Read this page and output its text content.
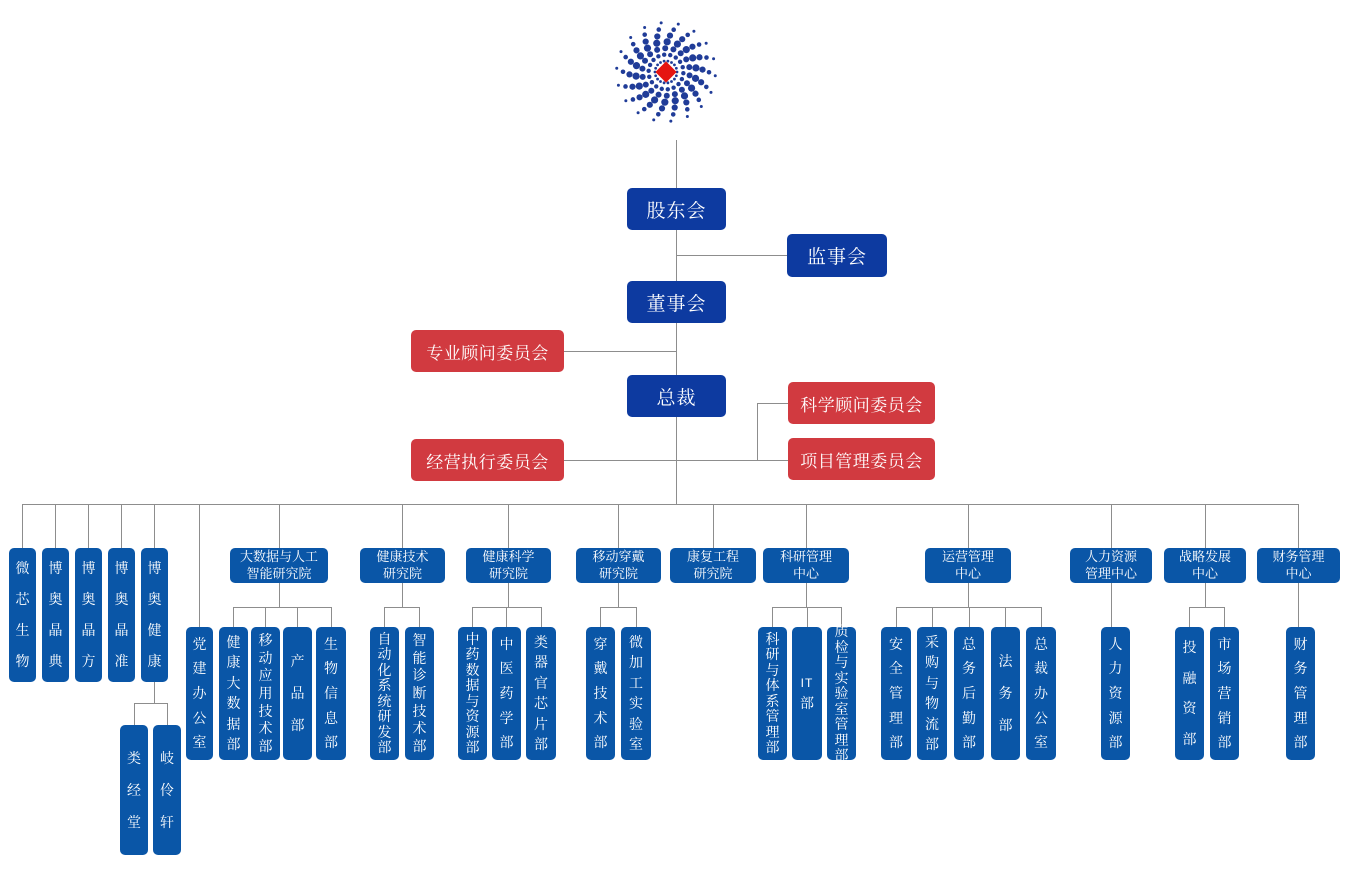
股东会
监事会
董事会
专业顾问委员会
总裁	科学顾问委员会
经营执行委员会	项目管理委员会
微
芯
生
物
博
奥
晶
典
博
奥
晶
方
博
奥
晶
准
博
奥
健
康
类
经
堂
岐
伶
轩
党
建
办
公
室
大数据与人工
智能研究院
健
康
大
数
据
部
移
动
应
用
技
术
部
产
品
部
生
物
信
息
部
健康技术
研究院
自
动
化
系
统
研
发
部
智
能
诊
断
技
术
部
健康科学
研究院
中
药
数
据
与
资
源
部
中
医
药
学
部
类
器
官
芯
片
部
移动穿戴
研究院
穿
戴
技
术
部
微
加
工
实
验
室
康复工程
研究院
科研管理
中心
科
研
与
体
系
管
理
部
IT
部
质
检
与
实
验
室
管
理
部
运营管理
中心
安
全
管
理
部
采
购
与
物
流
部
总
务
后
勤
部
法
务
部
总
裁
办
公
室
人力资源
管理中心
人
力
资
源
部
战略发展
中心
投
融
资
部
市
场
营
销
部
财务管理
中心
财
务
管
理
部
